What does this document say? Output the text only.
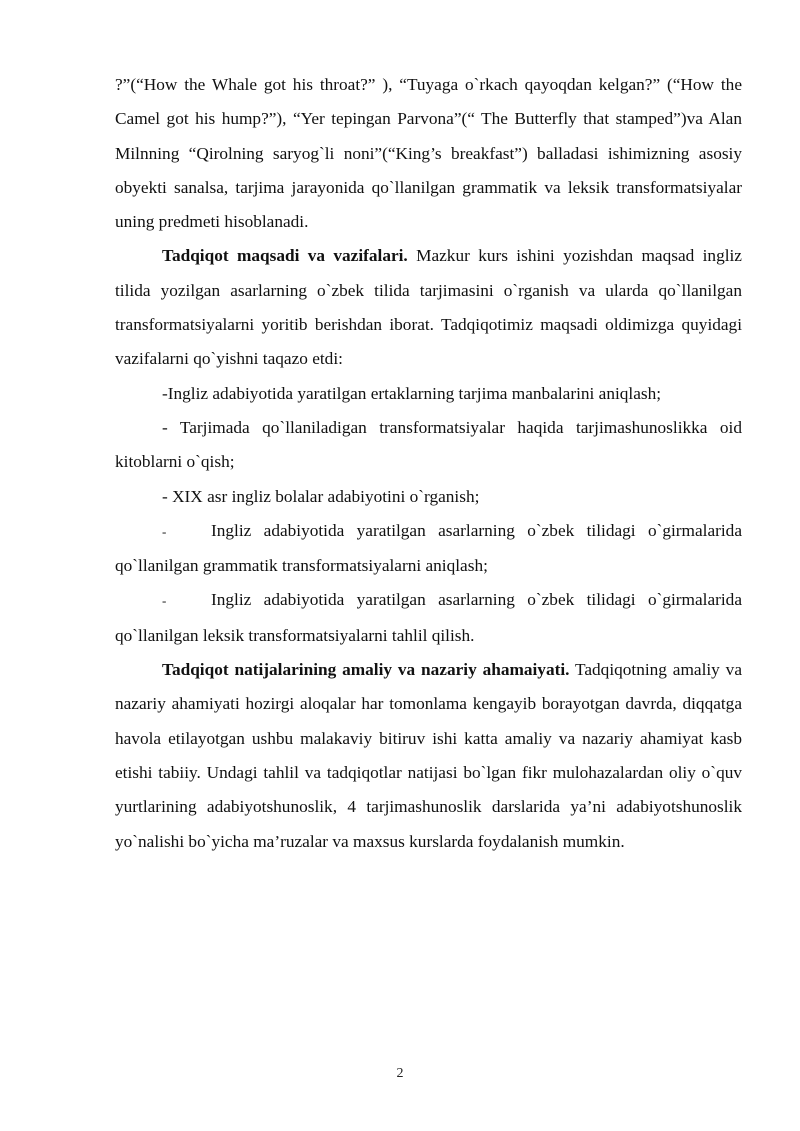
?”(“How the Whale got his throat?” ), “Tuyaga o`rkach qayoqdan kelgan?” (“How the Camel got his hump?”), “Yer tepingan Parvona”(“ The Butterfly that stamped”)va Alan Milnning “Qirolning saryog`li noni”(“King’s breakfast”) balladasi ishimizning asosiy obyekti sanalsa, tarjima jarayonida qo`llanilgan grammatik va leksik transformatsiyalar uning predmeti hisoblanadi.

Tadqiqot maqsadi va vazifalari. Mazkur kurs ishini yozishdan maqsad ingliz tilida yozilgan asarlarning o`zbek tilida tarjimasini o`rganish va ularda qo`llanilgan transformatsiyalarni yoritib berishdan iborat. Tadqiqotimiz maqsadi oldimizga quyidagi vazifalarni qo`yishni taqazo etdi:

-Ingliz adabiyotida yaratilgan ertaklarning tarjima manbalarini aniqlash;

- Tarjimada qo`llaniladigan transformatsiyalar haqida tarjimashunoslikka oid kitoblarni o`qish;

- XIX asr ingliz bolalar adabiyotini o`rganish;

-	Ingliz adabiyotida yaratilgan asarlarning o`zbek tilidagi o`girmalarida qo`llanilgan grammatik transformatsiyalarni aniqlash;

-	Ingliz adabiyotida yaratilgan asarlarning o`zbek tilidagi o`girmalarida qo`llanilgan leksik transformatsiyalarni tahlil qilish.

Tadqiqot natijalarining amaliy va nazariy ahamaiyati. Tadqiqotning amaliy va nazariy ahamiyati hozirgi aloqalar har tomonlama kengayib borayotgan davrda, diqqatga havola etilayotgan ushbu malakaviy bitiruv ishi katta amaliy va nazariy ahamiyat kasb etishi tabiiy. Undagi tahlil va tadqiqotlar natijasi bo`lgan fikr mulohazalardan oliy o`quv yurtlarining adabiyotshunoslik, 4 tarjimashunoslik darslarida ya’ni adabiyotshunoslik yo`nalishi bo`yicha ma’ruzalar va maxsus kurslarda foydalanish mumkin.

2
